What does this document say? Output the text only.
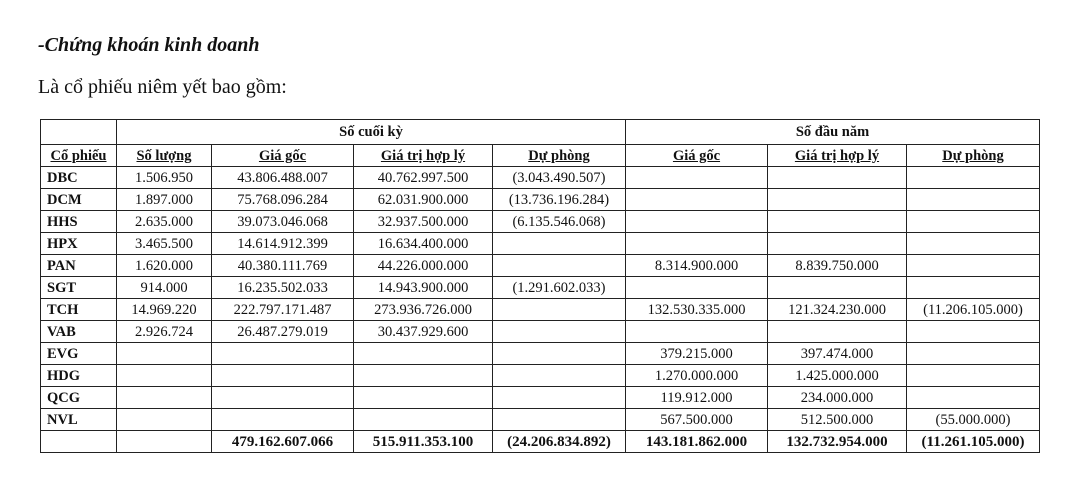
-Chứng khoán kinh doanh
Là cổ phiếu niêm yết bao gồm:
	Số cuối kỳ				Số đầu năm		
Cổ phiếu	Số lượng	Giá gốc	Giá trị hợp lý	Dự phòng	Giá gốc	Giá trị hợp lý	Dự phòng
DBC	1.506.950	43.806.488.007	40.762.997.500	(3.043.490.507)			
DCM	1.897.000	75.768.096.284	62.031.900.000	(13.736.196.284)			
HHS	2.635.000	39.073.046.068	32.937.500.000	(6.135.546.068)			
HPX	3.465.500	14.614.912.399	16.634.400.000				
PAN	1.620.000	40.380.111.769	44.226.000.000		8.314.900.000	8.839.750.000	
SGT	914.000	16.235.502.033	14.943.900.000	(1.291.602.033)			
TCH	14.969.220	222.797.171.487	273.936.726.000		132.530.335.000	121.324.230.000	(11.206.105.000)
VAB	2.926.724	26.487.279.019	30.437.929.600				
EVG					379.215.000	397.474.000	
HDG					1.270.000.000	1.425.000.000	
QCG					119.912.000	234.000.000	
NVL					567.500.000	512.500.000	(55.000.000)
		479.162.607.066	515.911.353.100	(24.206.834.892)	143.181.862.000	132.732.954.000	(11.261.105.000)
